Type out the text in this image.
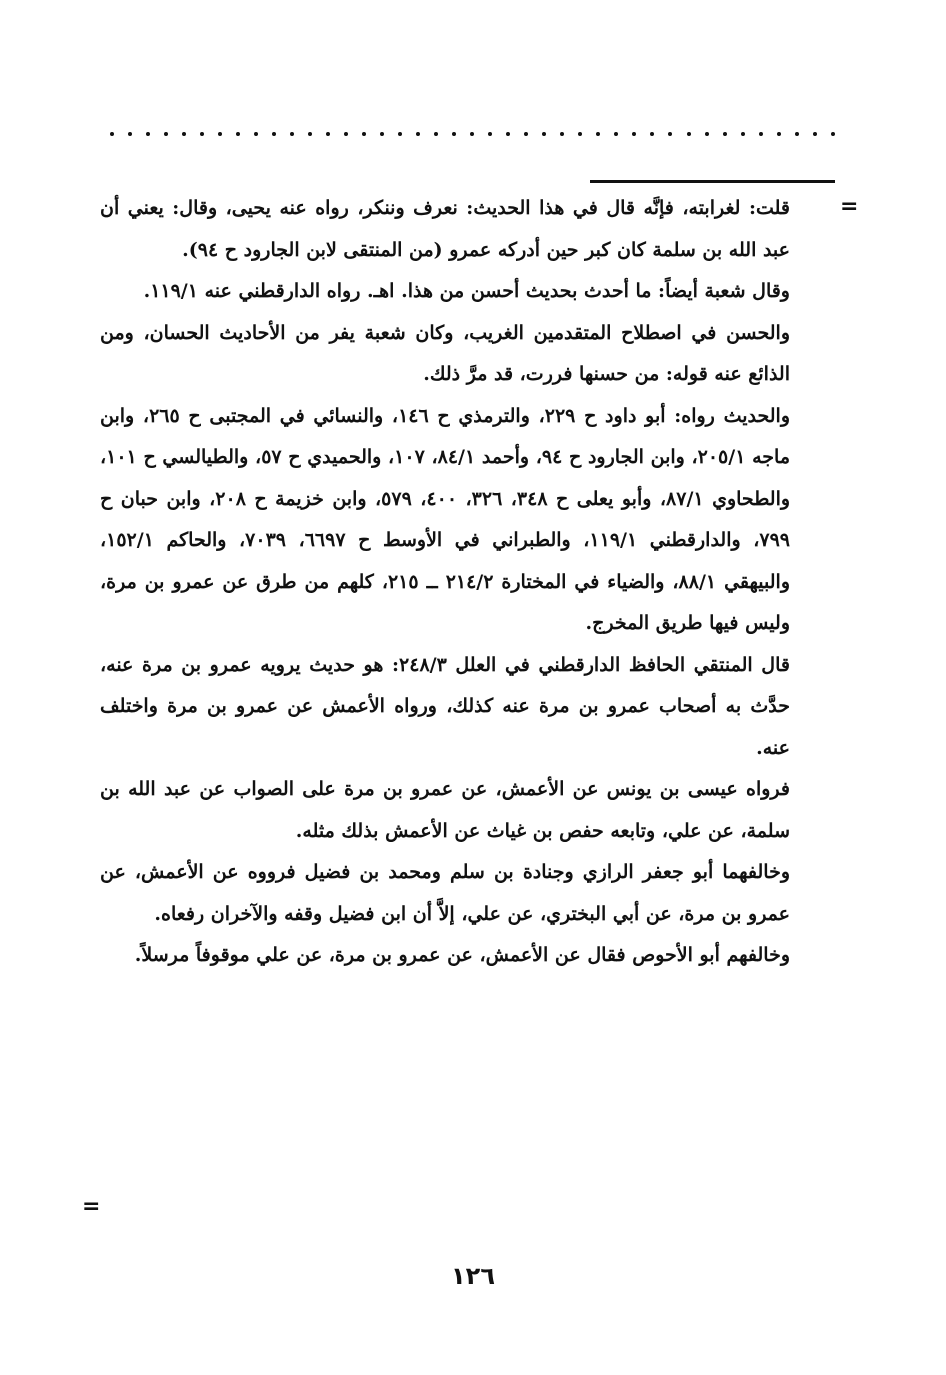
=

قلت: لغرابته، فإنَّه قال في هذا الحديث: نعرف وننكر، رواه عنه يحيى، وقال: يعني أن عبد الله بن سلمة كان كبر حين أدركه عمرو (من المنتقى لابن الجارود ح ٩٤).

وقال شعبة أيضاً: ما أحدث بحديث أحسن من هذا. اهـ. رواه الدارقطني عنه ١١٩/١.

والحسن في اصطلاح المتقدمين الغريب، وكان شعبة يفر من الأحاديث الحسان، ومن الذائع عنه قوله: من حسنها فررت، قد مرَّ ذلك.

والحديث رواه: أبو داود ح ٢٢٩، والترمذي ح ١٤٦، والنسائي في المجتبى ح ٢٦٥، وابن ماجه ٢٠٥/١، وابن الجارود ح ٩٤، وأحمد ٨٤/١، ١٠٧، والحميدي ح ٥٧، والطيالسي ح ١٠١، والطحاوي ٨٧/١، وأبو يعلى ح ٣٤٨، ٣٢٦، ٤٠٠، ٥٧٩، وابن خزيمة ح ٢٠٨، وابن حبان ح ٧٩٩، والدارقطني ١١٩/١، والطبراني في الأوسط ح ٦٦٩٧، ٧٠٣٩، والحاكم ١٥٢/١، والبيهقي ٨٨/١، والضياء في المختارة ٢١٤/٢ ــ ٢١٥، كلهم من طرق عن عمرو بن مرة، وليس فيها طريق المخرج.

قال المنتقي الحافظ الدارقطني في العلل ٢٤٨/٣: هو حديث يرويه عمرو بن مرة عنه، حدَّث به أصحاب عمرو بن مرة عنه كذلك، ورواه الأعمش عن عمرو بن مرة واختلف عنه.

فرواه عيسى بن يونس عن الأعمش، عن عمرو بن مرة على الصواب عن عبد الله بن سلمة، عن علي، وتابعه حفص بن غياث عن الأعمش بذلك مثله.

وخالفهما أبو جعفر الرازي وجنادة بن سلم ومحمد بن فضيل فرووه عن الأعمش، عن عمرو بن مرة، عن أبي البختري، عن علي، إلاَّ أن ابن فضيل وقفه والآخران رفعاه.

وخالفهم أبو الأحوص فقال عن الأعمش، عن عمرو بن مرة، عن علي موقوفاً مرسلاً.

=
١٢٦
